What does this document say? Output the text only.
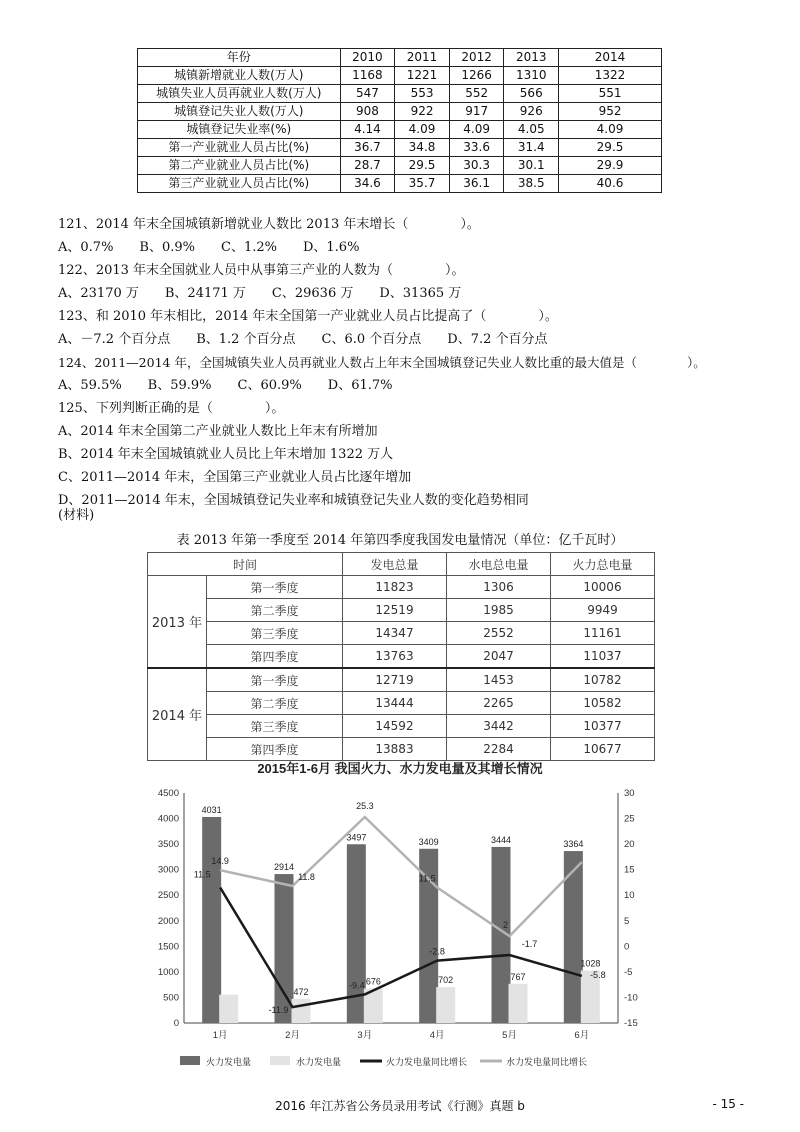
年份	2010	2011	2012	2013	2014
城镇新增就业人数(万人)	1168	1221	1266	1310	1322
城镇失业人员再就业人数(万人)	547	553	552	566	551
城镇登记失业人数(万人)	908	922	917	926	952
城镇登记失业率(%)	4.14	4.09	4.09	4.05	4.09
第一产业就业人员占比(%)	36.7	34.8	33.6	31.4	29.5
第二产业就业人员占比(%)	28.7	29.5	30.3	30.1	29.9
第三产业就业人员占比(%)	34.6	35.7	36.1	38.5	40.6
121、2014 年末全国城镇新增就业人数比 2013 年末增长（　　　　）。
A、0.7%　　B、0.9%　　C、1.2%　　D、1.6%
122、2013 年末全国就业人员中从事第三产业的人数为（　　　　）。
A、23170 万　　B、24171 万　　C、29636 万　　D、31365 万
123、和 2010 年末相比，2014 年末全国第一产业就业人员占比提高了（　　　　）。
A、－7.2 个百分点　　B、1.2 个百分点　　C、6.0 个百分点　　D、7.2 个百分点
124、2011—2014 年，全国城镇失业人员再就业人数占上年末全国城镇登记失业人数比重的最大值是（　　　　）。
A、59.5%　　B、59.9%　　C、60.9%　　D、61.7%
125、下列判断正确的是（　　　　）。
A、2014 年末全国第二产业就业人数比上年末有所增加
B、2014 年末全国城镇就业人员比上年末增加 1322 万人
C、2011—2014 年末，全国第三产业就业人员占比逐年增加
D、2011—2014 年末，全国城镇登记失业率和城镇登记失业人数的变化趋势相同
(材料)
表 2013 年第一季度至 2014 年第四季度我国发电量情况（单位：亿千瓦时）
时间		发电总量	水电总电量	火力总电量
2013 年	第一季度	11823	1306	10006
	第二季度	12519	1985	9949
	第三季度	14347	2552	11161
	第四季度	13763	2047	11037
2014 年	第一季度	12719	1453	10782
	第二季度	13444	2265	10582
	第三季度	14592	3442	10377
	第四季度	13883	2284	10677
2015年1-6月 我国火力、水力发电量及其增长情况
0
500
1000
1500
2000
2500
3000
3500
4000
4500
-15
-10
-5
0
5
10
15
20
25
30
1月	2月	3月	4月	5月	6月
4031
2914
3497	3409	3444	3364
472
676	702	767
1028
11.5
-11.9
-9.4
-2.8
-1.7
-5.8
14.9
11.8
25.3
11.5
2
火力发电量	水力发电量	火力发电量同比增长	水力发电量同比增长
2016 年江苏省公务员录用考试《行测》真题 b	- 15 -
